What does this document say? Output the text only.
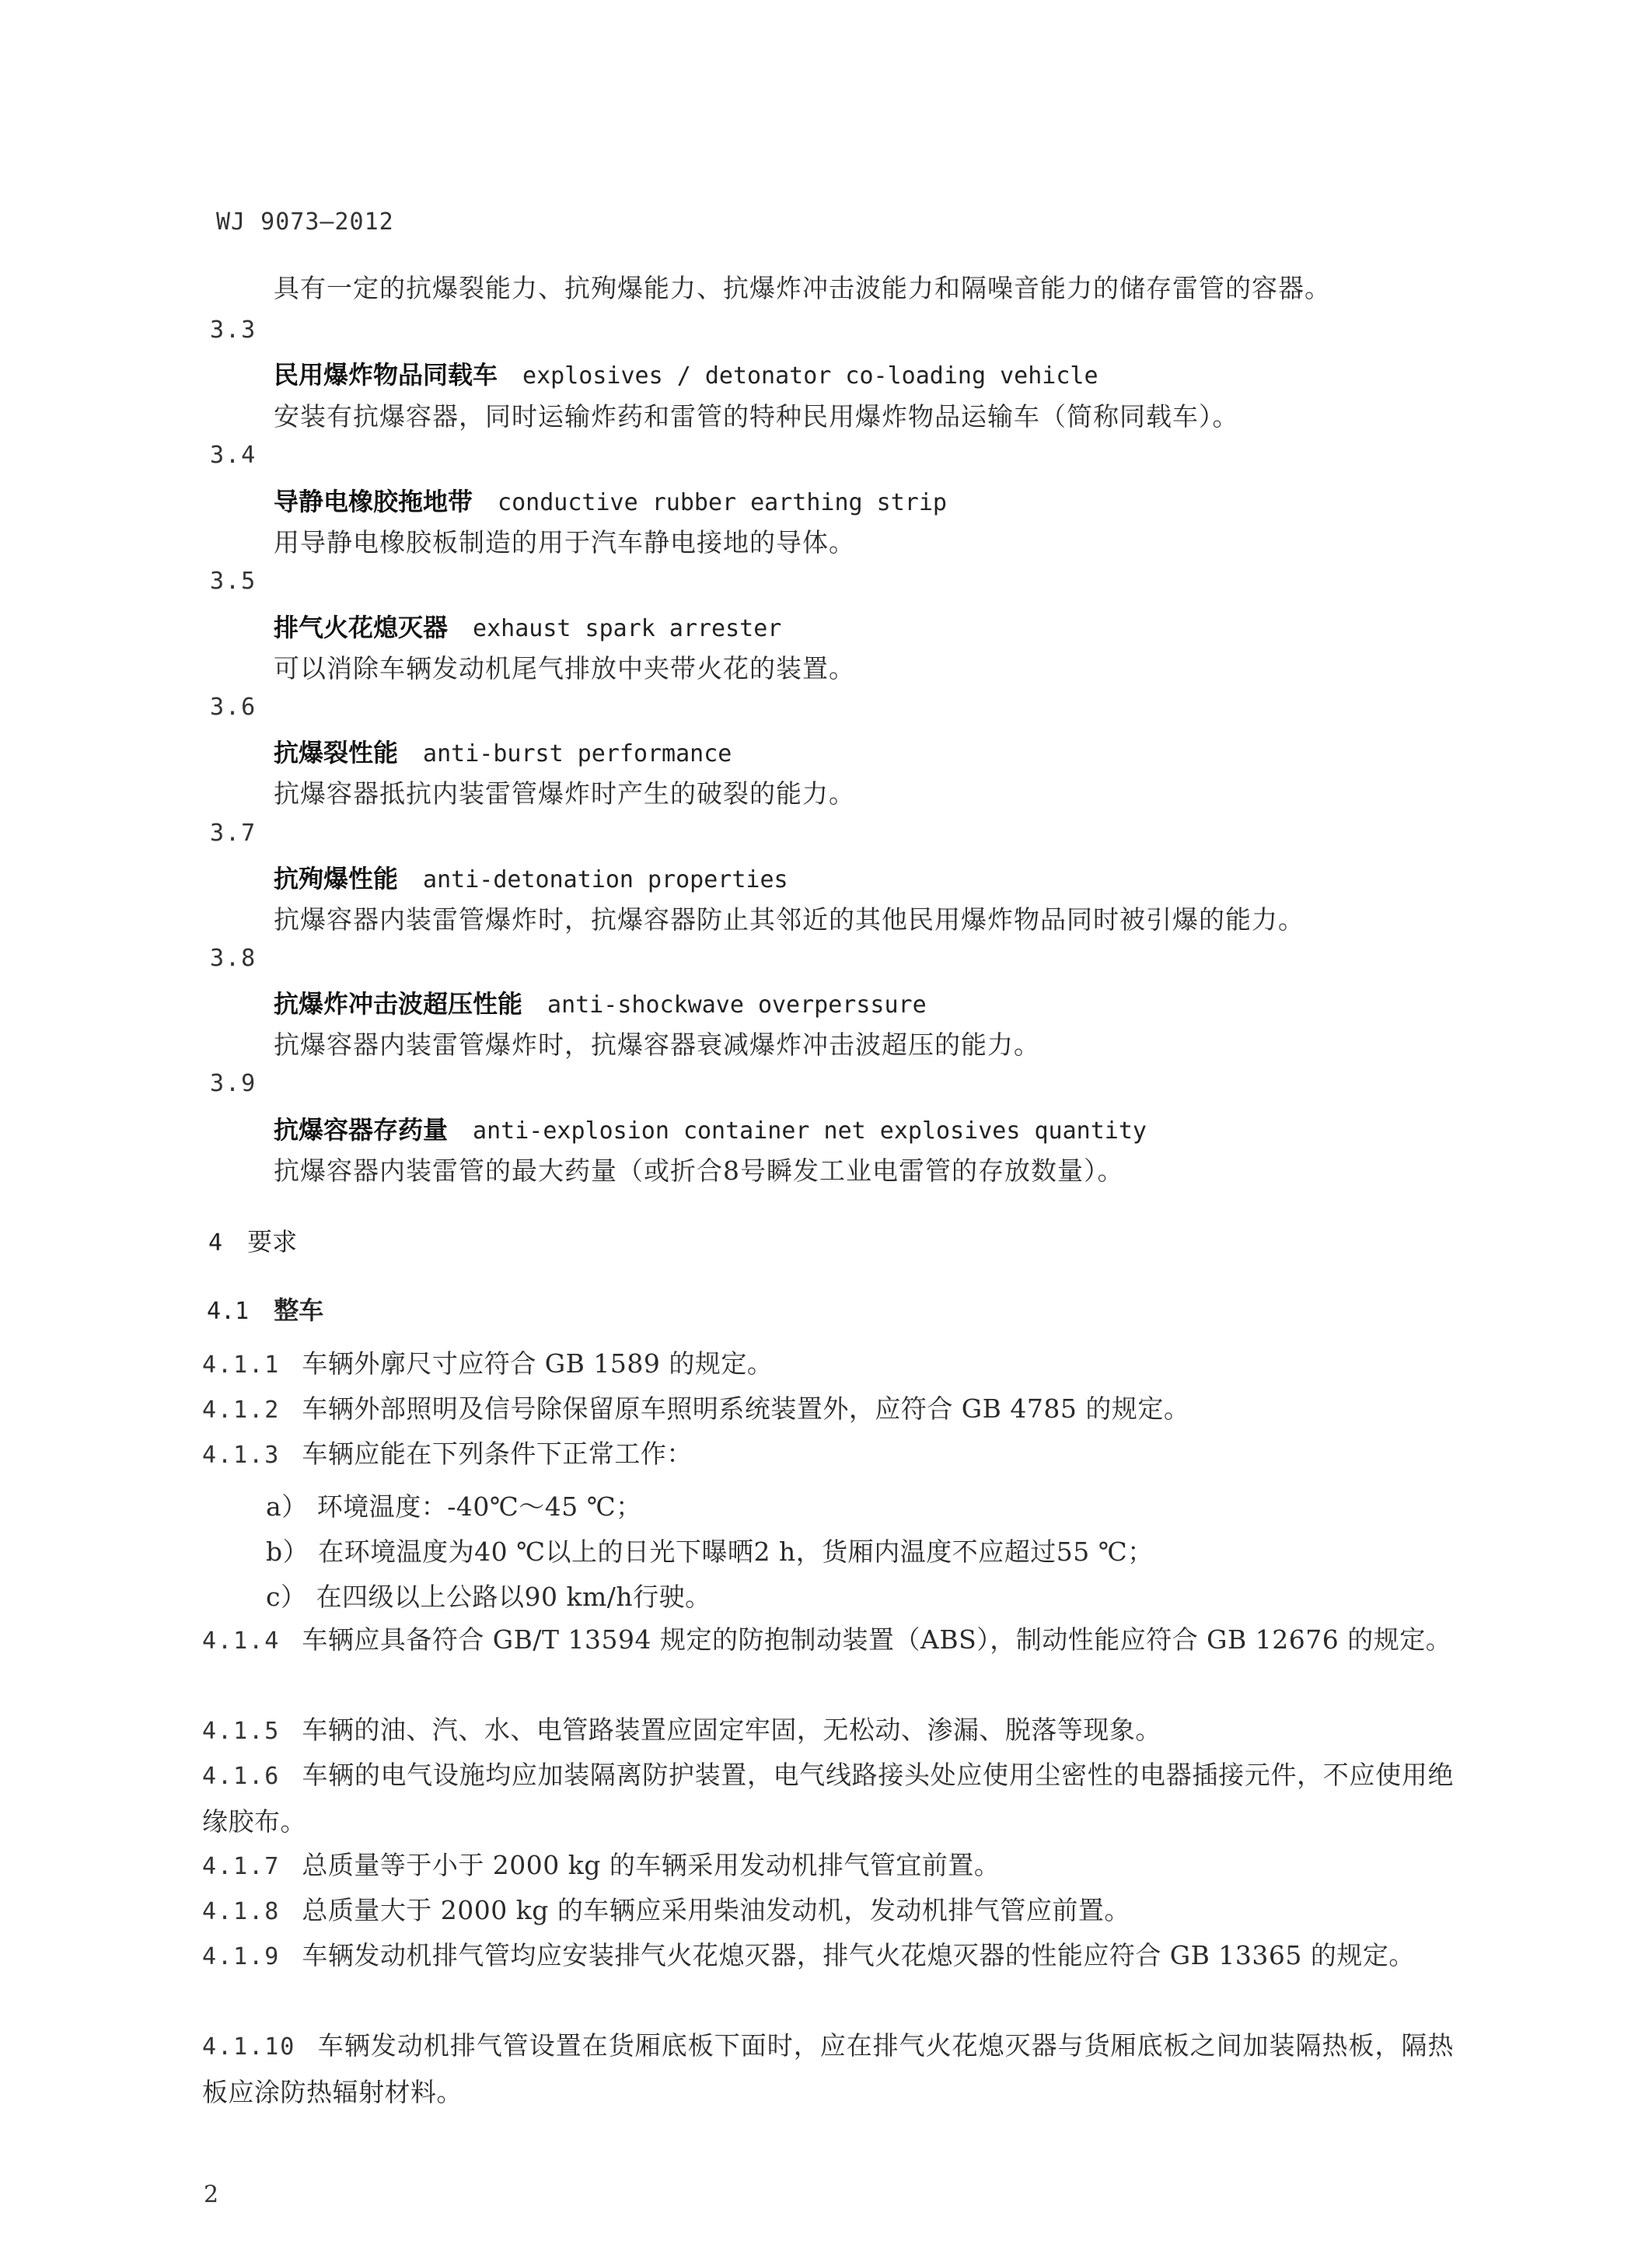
WJ 9073—2012
具有一定的抗爆裂能力、抗殉爆能力、抗爆炸冲击波能力和隔噪音能力的储存雷管的容器。
3.3
民用爆炸物品同载车 explosives / detonator co-loading vehicle
安装有抗爆容器，同时运输炸药和雷管的特种民用爆炸物品运输车（简称同载车）。
3.4
导静电橡胶拖地带 conductive rubber earthing strip
用导静电橡胶板制造的用于汽车静电接地的导体。
3.5
排气火花熄灭器 exhaust spark arrester
可以消除车辆发动机尾气排放中夹带火花的装置。
3.6
抗爆裂性能 anti-burst performance
抗爆容器抵抗内装雷管爆炸时产生的破裂的能力。
3.7
抗殉爆性能 anti-detonation properties
抗爆容器内装雷管爆炸时，抗爆容器防止其邻近的其他民用爆炸物品同时被引爆的能力。
3.8
抗爆炸冲击波超压性能 anti-shockwave overperssure
抗爆容器内装雷管爆炸时，抗爆容器衰减爆炸冲击波超压的能力。
3.9
抗爆容器存药量 anti-explosion container net explosives quantity
抗爆容器内装雷管的最大药量（或折合8号瞬发工业电雷管的存放数量）。
4 要求
4.1 整车
4.1.1 车辆外廓尺寸应符合 GB 1589 的规定。
4.1.2 车辆外部照明及信号除保留原车照明系统装置外，应符合 GB 4785 的规定。
4.1.3 车辆应能在下列条件下正常工作：
a） 环境温度：-40℃～45 ℃；
b） 在环境温度为40 ℃以上的日光下曝晒2 h，货厢内温度不应超过55 ℃；
c） 在四级以上公路以90 km/h行驶。
4.1.4 车辆应具备符合 GB/T 13594 规定的防抱制动装置（ABS），制动性能应符合 GB 12676 的规定。
4.1.5 车辆的油、汽、水、电管路装置应固定牢固，无松动、渗漏、脱落等现象。
4.1.6 车辆的电气设施均应加装隔离防护装置，电气线路接头处应使用尘密性的电器插接元件，不应使用绝缘胶布。
4.1.7 总质量等于小于 2000 kg 的车辆采用发动机排气管宜前置。
4.1.8 总质量大于 2000 kg 的车辆应采用柴油发动机，发动机排气管应前置。
4.1.9 车辆发动机排气管均应安装排气火花熄灭器，排气火花熄灭器的性能应符合 GB 13365 的规定。
4.1.10 车辆发动机排气管设置在货厢底板下面时，应在排气火花熄灭器与货厢底板之间加装隔热板，隔热板应涂防热辐射材料。
2
